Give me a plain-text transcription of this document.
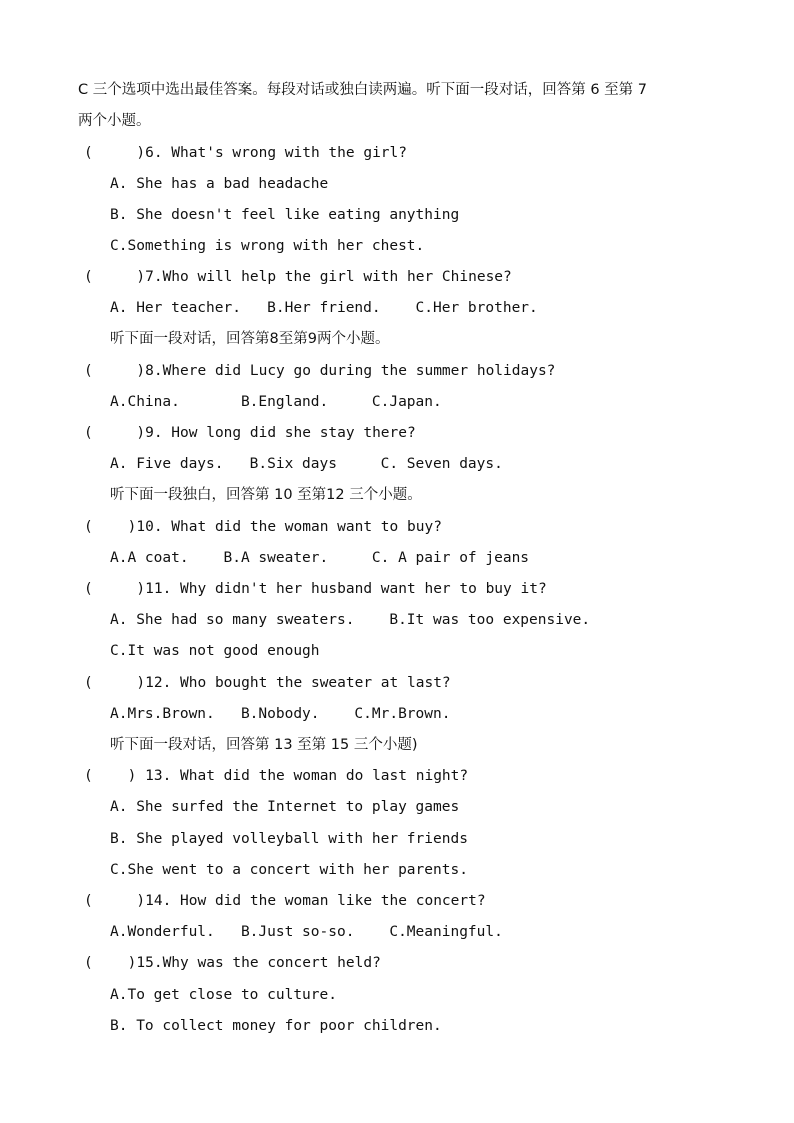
C 三个选项中选出最佳答案。每段对话或独白读两遍。听下面一段对话，回答第 6 至第 7
两个小题。
(     )6. What's wrong with the girl?
A. She has a bad headache
B. She doesn't feel like eating anything
C.Something is wrong with her chest.
(     )7.Who will help the girl with her Chinese?
A. Her teacher.   B.Her friend.    C.Her brother.
听下面一段对话，回答第8至第9两个小题。
(     )8.Where did Lucy go during the summer holidays?
A.China.       B.England.     C.Japan.
(     )9. How long did she stay there?
A. Five days.   B.Six days     C. Seven days.
听下面一段独白，回答第 10 至第12 三个小题。
(    )10. What did the woman want to buy?
A.A coat.    B.A sweater.     C. A pair of jeans
(     )11. Why didn't her husband want her to buy it?
A. She had so many sweaters.    B.It was too expensive.
C.It was not good enough
(     )12. Who bought the sweater at last?
A.Mrs.Brown.   B.Nobody.    C.Mr.Brown.
听下面一段对话，回答第 13 至第 15 三个小题)
(    ) 13. What did the woman do last night?
A. She surfed the Internet to play games
B. She played volleyball with her friends
C.She went to a concert with her parents.
(     )14. How did the woman like the concert?
A.Wonderful.   B.Just so-so.    C.Meaningful.
(    )15.Why was the concert held?
A.To get close to culture.
B. To collect money for poor children.
